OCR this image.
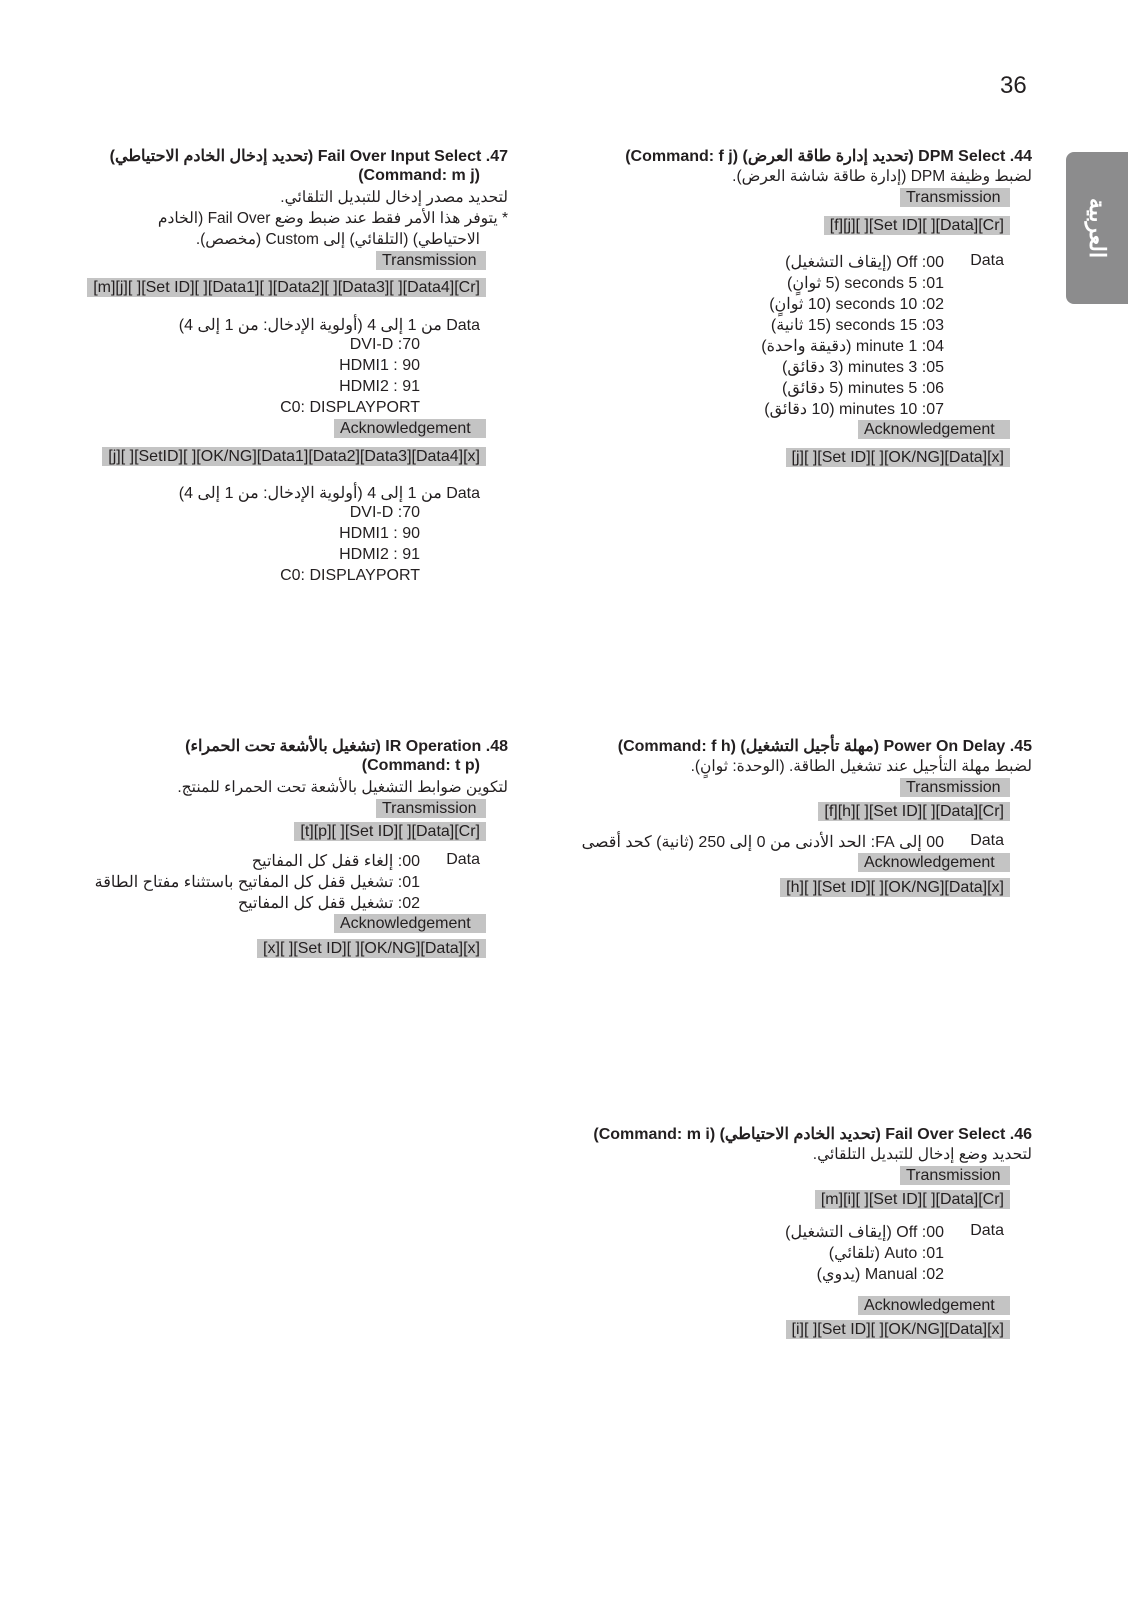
36
العربية
44. DPM Select (تحديد إدارة طاقة العرض) (Command: f j)
لضبط وظيفة DPM (إدارة طاقة شاشة العرض).
Transmission
[f][j][ ][Set ID][ ][Data][Cr]
Data
00: Off (إيقاف التشغيل)
01: 5 seconds (5 ثوانٍ)
02: 10 seconds (10 ثوانٍ)
03: 15 seconds (15 ثانية)
04: 1 minute (دقيقة واحدة)
05: 3 minutes (3 دقائق)
06: 5 minutes (5 دقائق)
07: 10 minutes (10 دقائق)
Acknowledgement
[j][ ][Set ID][ ][OK/NG][Data][x]
45. Power On Delay (مهلة تأجيل التشغيل) (Command: f h)
لضبط مهلة التأجيل عند تشغيل الطاقة. (الوحدة: ثوانٍ).
Transmission
[f][h][ ][Set ID][ ][Data][Cr]
Data
00 إلى FA: الحد الأدنى من 0 إلى 250 (ثانية) كحد أقصى
Acknowledgement
[h][ ][Set ID][ ][OK/NG][Data][x]
46. Fail Over Select (تحديد الخادم الاحتياطي) (Command: m i)
لتحديد وضع إدخال للتبديل التلقائي.
Transmission
[m][i][ ][Set ID][ ][Data][Cr]
Data
00: Off (إيقاف التشغيل)
01: Auto (تلقائي)
02: Manual (يدوي)
Acknowledgement
[i][ ][Set ID][ ][OK/NG][Data][x]
47. Fail Over Input Select (تحديد إدخال الخادم الاحتياطي)
(Command: m j)
لتحديد مصدر إدخال للتبديل التلقائي.
* يتوفر هذا الأمر فقط عند ضبط وضع Fail Over (الخادم
الاحتياطي) (التلقائي) إلى Custom (مخصص).
Transmission
[m][j][ ][Set ID][ ][Data1][ ][Data2][ ][Data3][ ][Data4][Cr]
Data من 1 إلى 4 (أولوية الإدخال: من 1 إلى 4)
70: DVI-D
90 : HDMI1
91 : HDMI2
C0: DISPLAYPORT
Acknowledgement
[j][ ][SetID][ ][OK/NG][Data1][Data2][Data3][Data4][x]
Data من 1 إلى 4 (أولوية الإدخال: من 1 إلى 4)
70: DVI-D
90 : HDMI1
91 : HDMI2
C0: DISPLAYPORT
48. IR Operation (تشغيل بالأشعة تحت الحمراء)
(Command: t p)
لتكوين ضوابط التشغيل بالأشعة تحت الحمراء للمنتج.
Transmission
[t][p][ ][Set ID][ ][Data][Cr]
Data
00: إلغاء قفل كل المفاتيح
01: تشغيل قفل كل المفاتيح باستثناء مفتاح الطاقة
02: تشغيل قفل كل المفاتيح
Acknowledgement
[x][ ][Set ID][ ][OK/NG][Data][x]
